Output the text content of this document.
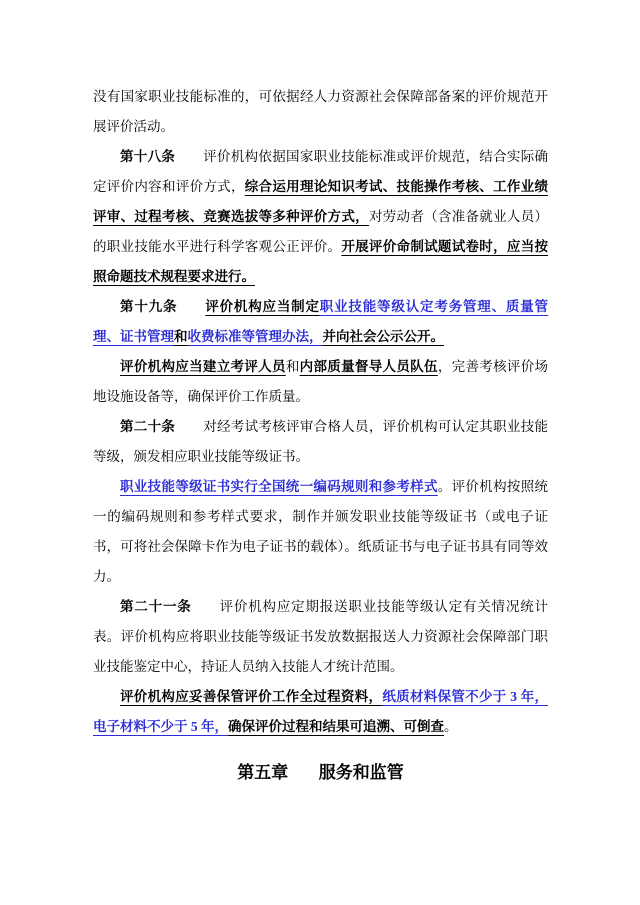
没有国家职业技能标准的，可依据经人力资源社会保障部备案的评价规范开展评价活动。

第十八条 评价机构依据国家职业技能标准或评价规范，结合实际确定评价内容和评价方式，综合运用理论知识考试、技能操作考核、工作业绩评审、过程考核、竞赛选拔等多种评价方式，对劳动者（含准备就业人员）的职业技能水平进行科学客观公正评价。开展评价命制试题试卷时，应当按照命题技术规程要求进行。

第十九条 评价机构应当制定职业技能等级认定考务管理、质量管理、证书管理和收费标准等管理办法，并向社会公示公开。

评价机构应当建立考评人员和内部质量督导人员队伍，完善考核评价场地设施设备等，确保评价工作质量。

第二十条 对经考试考核评审合格人员，评价机构可认定其职业技能等级，颁发相应职业技能等级证书。

职业技能等级证书实行全国统一编码规则和参考样式。评价机构按照统一的编码规则和参考样式要求，制作并颁发职业技能等级证书（或电子证书，可将社会保障卡作为电子证书的载体）。纸质证书与电子证书具有同等效力。

第二十一条 评价机构应定期报送职业技能等级认定有关情况统计表。评价机构应将职业技能等级证书发放数据报送人力资源社会保障部门职业技能鉴定中心，持证人员纳入技能人才统计范围。

评价机构应妥善保管评价工作全过程资料，纸质材料保管不少于 3 年，电子材料不少于 5 年，确保评价过程和结果可追溯、可倒查。

第五章 服务和监管
